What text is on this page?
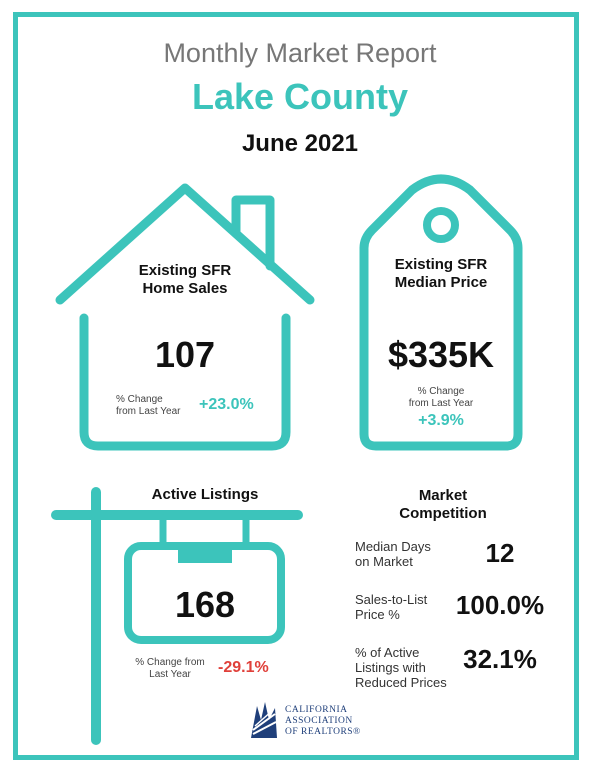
Monthly Market Report
Lake County
June 2021
Existing SFR
Home Sales
107
% Change
from Last Year +23.0%
Existing SFR
Median Price
$335K
% Change
from Last Year
+3.9%
Active Listings
168
% Change from
Last Year	-29.1%
Market
Competition
Median Days
on Market	12
Sales-to-List
Price %	100.0%
% of Active
Listings with
Reduced Prices
32.1%
CALIFORNIA
ASSOCIATION
OF REALTORS®
